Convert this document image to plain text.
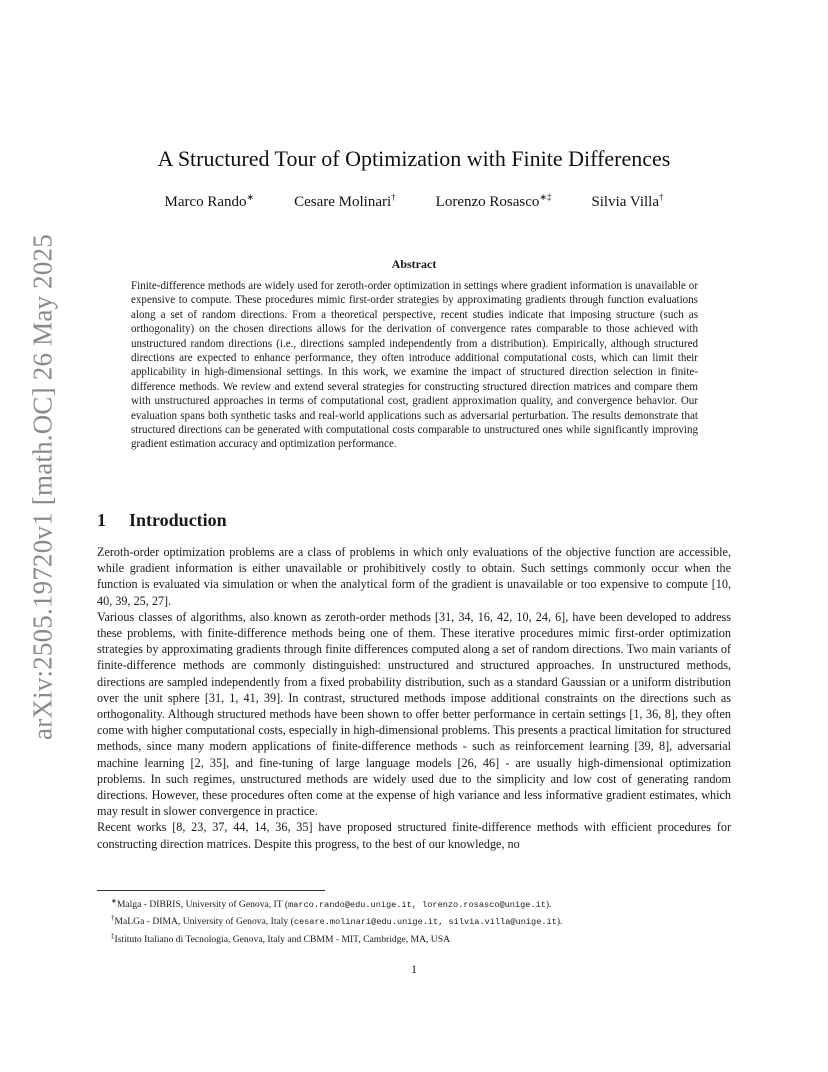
arXiv:2505.19720v1 [math.OC] 26 May 2025
A Structured Tour of Optimization with Finite Differences
Marco Rando∗	Cesare Molinari†	Lorenzo Rosasco∗‡	Silvia Villa†
Abstract

Finite-difference methods are widely used for zeroth-order optimization in settings where gradient information is unavailable or expensive to compute. These procedures mimic first-order strategies by approximating gradients through function evaluations along a set of random directions. From a theoretical perspective, recent studies indicate that imposing structure (such as orthogonality) on the chosen directions allows for the derivation of convergence rates comparable to those achieved with unstructured random directions (i.e., directions sampled independently from a distribution). Empirically, although structured directions are expected to enhance performance, they often introduce additional computational costs, which can limit their applicability in high-dimensional settings. In this work, we examine the impact of structured direction selection in finite-difference methods. We review and extend several strategies for constructing structured direction matrices and compare them with unstructured approaches in terms of computational cost, gradient approximation quality, and convergence behavior. Our evaluation spans both synthetic tasks and real-world applications such as adversarial perturbation. The results demonstrate that structured directions can be generated with computational costs comparable to unstructured ones while significantly improving gradient estimation accuracy and optimization performance.

1 Introduction

Zeroth-order optimization problems are a class of problems in which only evaluations of the objective function are accessible, while gradient information is either unavailable or prohibitively costly to obtain. Such settings commonly occur when the function is evaluated via simulation or when the analytical form of the gradient is unavailable or too expensive to compute [10, 40, 39, 25, 27].

Various classes of algorithms, also known as zeroth-order methods [31, 34, 16, 42, 10, 24, 6], have been developed to address these problems, with finite-difference methods being one of them. These iterative procedures mimic first-order optimization strategies by approximating gradients through finite differences computed along a set of random directions. Two main variants of finite-difference methods are commonly distinguished: unstructured and structured approaches. In unstructured methods, directions are sampled independently from a fixed probability distribution, such as a standard Gaussian or a uniform distribution over the unit sphere [31, 1, 41, 39]. In contrast, structured methods impose additional constraints on the directions such as orthogonality. Although structured methods have been shown to offer better performance in certain settings [1, 36, 8], they often come with higher computational costs, especially in high-dimensional problems. This presents a practical limitation for structured methods, since many modern applications of finite-difference methods - such as reinforcement learning [39, 8], adversarial machine learning [2, 35], and fine-tuning of large language models [26, 46] - are usually high-dimensional optimization problems. In such regimes, unstructured methods are widely used due to the simplicity and low cost of generating random directions. However, these procedures often come at the expense of high variance and less informative gradient estimates, which may result in slower convergence in practice.

Recent works [8, 23, 37, 44, 14, 36, 35] have proposed structured finite-difference methods with efficient procedures for constructing direction matrices. Despite this progress, to the best of our knowledge, no

∗Malga - DIBRIS, University of Genova, IT (marco.rando@edu.unige.it, lorenzo.rosasco@unige.it).
†MaLGa - DIMA, University of Genova, Italy (cesare.molinari@edu.unige.it, silvia.villa@unige.it).
‡Istituto Italiano di Tecnologia, Genova, Italy and CBMM - MIT, Cambridge, MA, USA
1
